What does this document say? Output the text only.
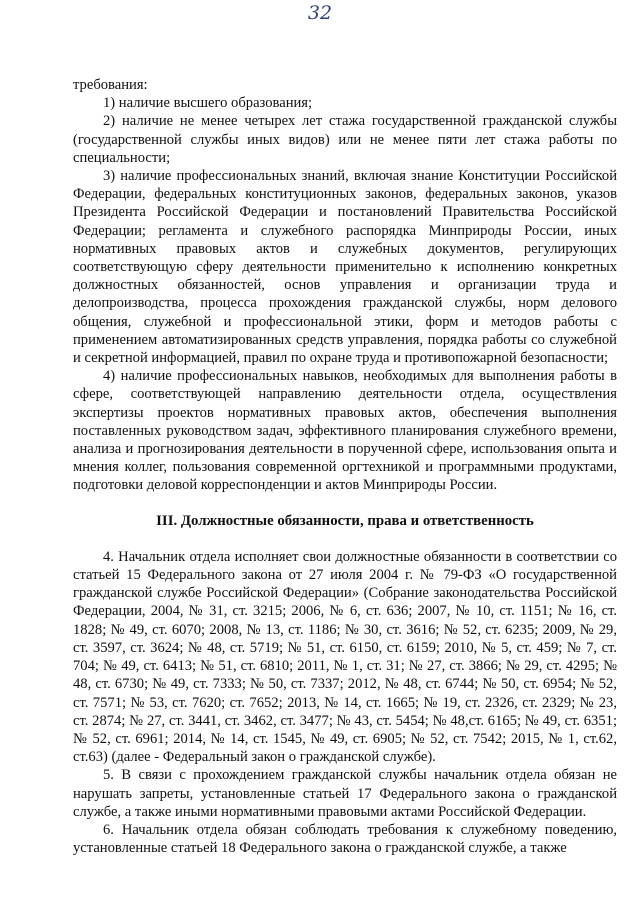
32

требования:

1) наличие высшего образования;

2) наличие не менее четырех лет стажа государственной гражданской службы (государственной службы иных видов) или не менее пяти лет стажа работы по специальности;

3) наличие профессиональных знаний, включая знание Конституции Российской Федерации, федеральных конституционных законов, федеральных законов, указов Президента Российской Федерации и постановлений Правительства Российской Федерации; регламента и служебного распорядка Минприроды России, иных нормативных правовых актов и служебных документов, регулирующих соответствующую сферу деятельности применительно к исполнению конкретных должностных обязанностей, основ управления и организации труда и делопроизводства, процесса прохождения гражданской службы, норм делового общения, служебной и профессиональной этики, форм и методов работы с применением автоматизированных средств управления, порядка работы со служебной и секретной информацией, правил по охране труда и противопожарной безопасности;

4) наличие профессиональных навыков, необходимых для выполнения работы в сфере, соответствующей направлению деятельности отдела, осуществления экспертизы проектов нормативных правовых актов, обеспечения выполнения поставленных руководством задач, эффективного планирования служебного времени, анализа и прогнозирования деятельности в порученной сфере, использования опыта и мнения коллег, пользования современной оргтехникой и программными продуктами, подготовки деловой корреспонденции и актов Минприроды России.

III. Должностные обязанности, права и ответственность

4. Начальник отдела исполняет свои должностные обязанности в соответствии со статьей 15 Федерального закона от 27 июля 2004 г. № 79-ФЗ «О государственной гражданской службе Российской Федерации» (Собрание законодательства Российской Федерации, 2004, № 31, ст. 3215; 2006, № 6, ст. 636; 2007, № 10, ст. 1151; № 16, ст. 1828; № 49, ст. 6070; 2008, № 13, ст. 1186; № 30, ст. 3616; № 52, ст. 6235; 2009, № 29, ст. 3597, ст. 3624; № 48, ст. 5719; № 51, ст. 6150, ст. 6159; 2010, № 5, ст. 459; № 7, ст. 704; № 49, ст. 6413; № 51, ст. 6810; 2011, № 1, ст. 31; № 27, ст. 3866; № 29, ст. 4295; № 48, ст. 6730; № 49, ст. 7333; № 50, ст. 7337; 2012, № 48, ст. 6744; № 50, ст. 6954; № 52, ст. 7571; № 53, ст. 7620; ст. 7652; 2013, № 14, ст. 1665; № 19, ст. 2326, ст. 2329; № 23, ст. 2874; № 27, ст. 3441, ст. 3462, ст. 3477; № 43, ст. 5454; № 48,ст. 6165; № 49, ст. 6351; № 52, ст. 6961; 2014, № 14, ст. 1545, № 49, ст. 6905; № 52, ст. 7542; 2015, № 1, ст.62, ст.63) (далее - Федеральный закон о гражданской службе).

5. В связи с прохождением гражданской службы начальник отдела обязан не нарушать запреты, установленные статьей 17 Федерального закона о гражданской службе, а также иными нормативными правовыми актами Российской Федерации.

6. Начальник отдела обязан соблюдать требования к служебному поведению, установленные статьей 18 Федерального закона о гражданской службе, а также
